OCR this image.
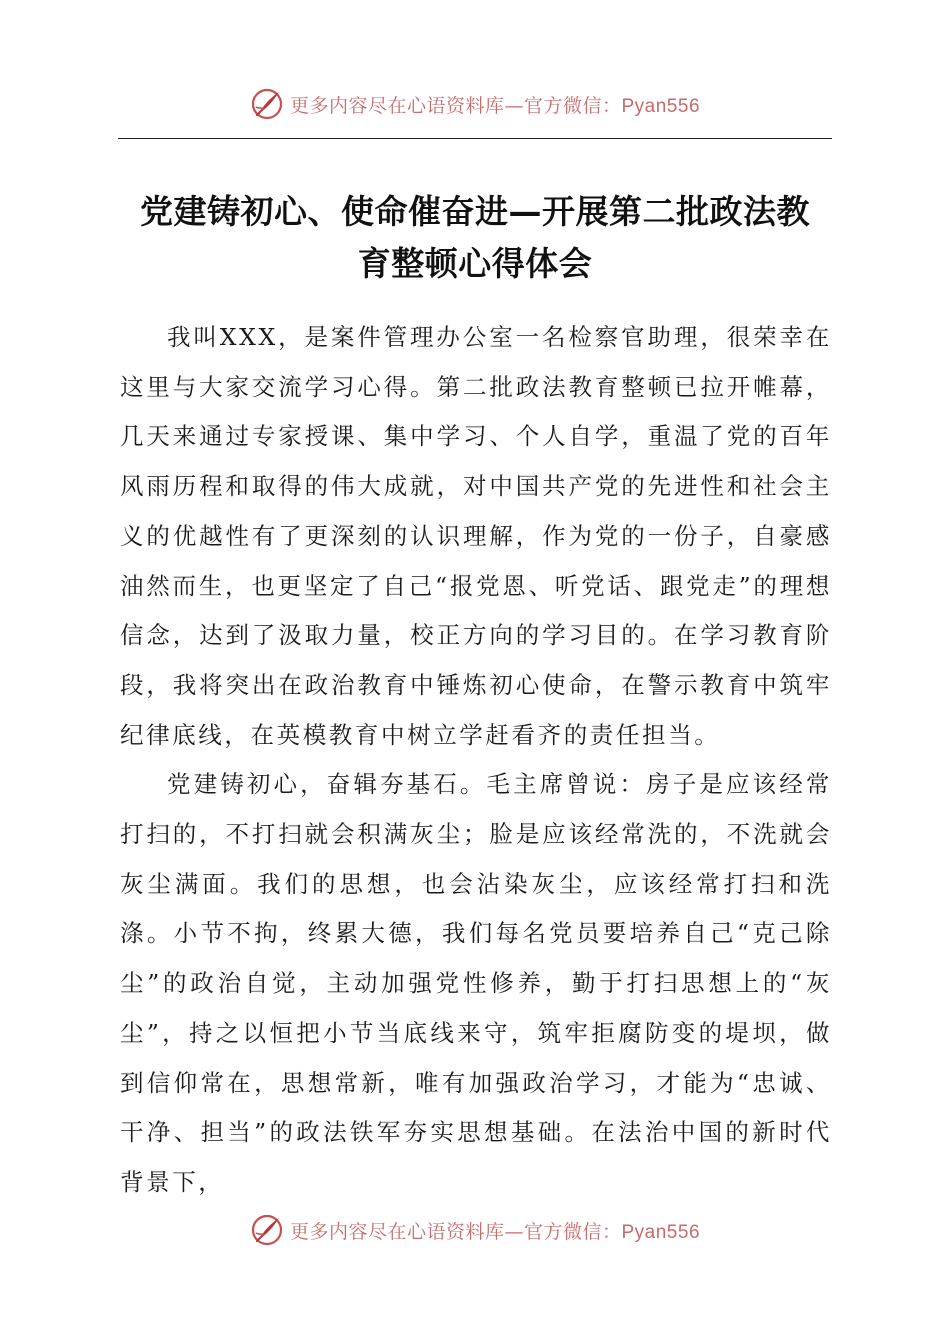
更多内容尽在心语资料库—官方微信：Pyan556
党建铸初心、使命催奋进—开展第二批政法教
育整顿心得体会

我叫XXX，是案件管理办公室一名检察官助理，很荣幸在这里与大家交流学习心得。第二批政法教育整顿已拉开帷幕，几天来通过专家授课、集中学习、个人自学，重温了党的百年风雨历程和取得的伟大成就，对中国共产党的先进性和社会主义的优越性有了更深刻的认识理解，作为党的一份子，自豪感油然而生，也更坚定了自己“报党恩、听党话、跟党走”的理想信念，达到了汲取力量，校正方向的学习目的。在学习教育阶段，我将突出在政治教育中锤炼初心使命，在警示教育中筑牢纪律底线，在英模教育中树立学赶看齐的责任担当。

党建铸初心，奋辑夯基石。毛主席曾说：房子是应该经常打扫的，不打扫就会积满灰尘；脸是应该经常洗的，不洗就会灰尘满面。我们的思想，也会沾染灰尘，应该经常打扫和洗涤。小节不拘，终累大德，我们每名党员要培养自己“克己除尘”的政治自觉，主动加强党性修养，勤于打扫思想上的“灰尘”，持之以恒把小节当底线来守，筑牢拒腐防变的堤坝，做到信仰常在，思想常新，唯有加强政治学习，才能为“忠诚、干净、担当”的政法铁军夯实思想基础。在法治中国的新时代背景下，

更多内容尽在心语资料库—官方微信：Pyan556
